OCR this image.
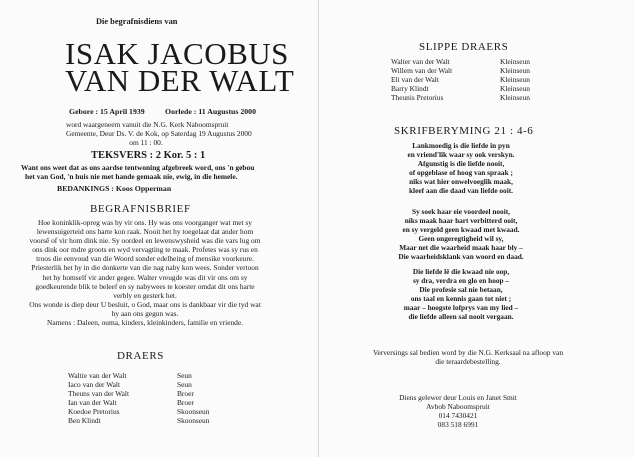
Die begrafnisdiens van
ISAK JACOBUS
VAN DER WALT
Gebore : 15 April 1939	Oorlede : 11 Augustus 2000
word waargeneem vanuit die N.G. Kerk Naboomspruit
Gemeente, Deur Ds. V. de Kok, op Saterdag 19 Augustus 2000
om 11 : 00.
TEKSVERS : 2 Kor. 5 : 1
Want ons weet dat as ons aardse tentwoning afgebreek word, ons 'n gebou
het van God, 'n huis nie met hande gemaak nie, ewig, in die hemele.
BEDANKINGS : Koos Opperman
BEGRAFNISBRIEF
Hoe koninklik-opreg was hy vir ons. Hy was ons voorganger wat met sy
lewensuigerteid ons harte kon raak. Nooit het hy toegelaat dat ander hom
voorsê of vir hom dink nie. Sy oordeel en lewenswysheid was die vars lug om
ons dink oor mdre groots en wyd vervagting te maak. Profetes was sy rus en
troos die eenvoud van die Woord sonder edelheing of mensike voorkeure.
Priesterlik het hy in die donkerte van die nag naby kon wees. Sonder vertoon
het hy homself vir ander gegee. Walter vreugde was dit vir ons om sy
goedkeurende blik te beleef en sy nabywees te koester omdat dit ons harte
verbly en gesterk het.
Ons wonde is diep deur U besluit, o God, maar ons is dankbaar vir die tyd wat
hy aan ons gegun was.
Namens : Daleen, ouma, kinders, kleinkinders, familie en vriende.
DRAERS
Waltie van der Walt	Seun
Iaco van der Walt	Seun
Theuns van der Walt	Broer
Ian van der Walt	Broer
Koedoe Pretorius	Skoonseun
Ben Klindt	Skoonseun
SLIPPE DRAERS
Walter van der Walt	Kleinseun
Willem van der Walt	Kleinseun
Eli van der Walt	Kleinseun
Barry Klindt	Kleinseun
Theunis Pretorius	Kleinseun
SKRIFBERYMING 21 : 4-6
Lankmoedig is die liefde in pyn
en vriend'lik waar sy ook verskyn.
Afgunstig is die liefde nooit,
of opgeblase of hoog van spraak ;
niks wat hier onwelvoeglik maak,
kleef aan die daad van liefde ooit.
Sy soek haar eie voordeel nooit,
niks maak haar hart verbitterd ooit,
en sy vergeld geen kwaad met kwaad.
Geen ongeregtigheid wil sy,
Maar net die waarheid maak haar bly –
Die waarheidsklank van woord en daad.
Die liefde lê die kwaad nie oop,
sy dra, verdra en glo en hoop –
Die profesie sal nie betaan,
ons taal en kennis gaan tot niet ;
maar – hoogste lofprys van my lied –
die liefde alleen sal nooit vergaan.
Verversings sal bedien word by die N.G. Kerksaal na afloop van
die teraardebestelling.
Diens gelewer deur Louis en Janet Smit
Avbob Naboomspruit
014 7430421
083 518 6991
